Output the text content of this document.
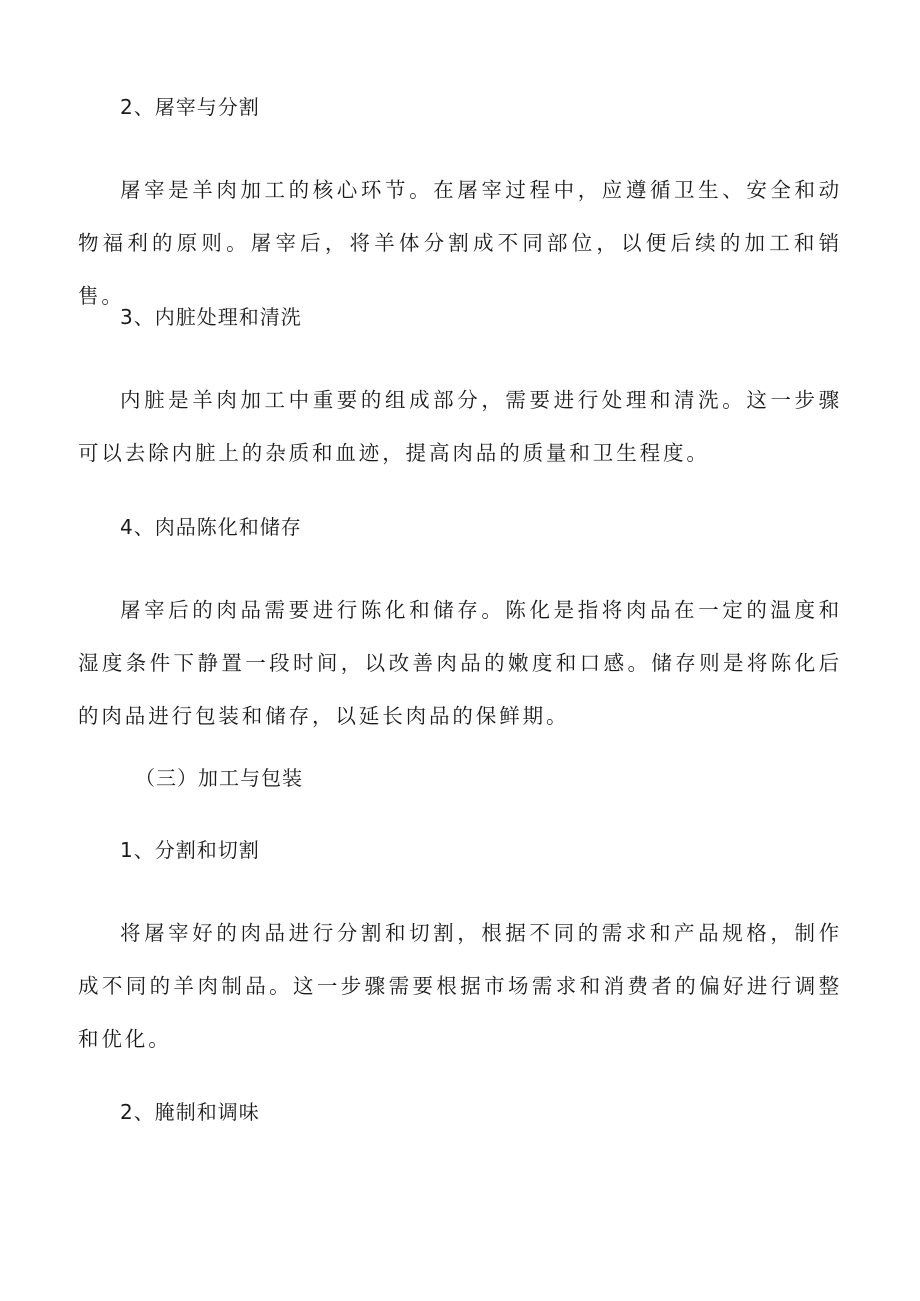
2、屠宰与分割

屠宰是羊肉加工的核心环节。在屠宰过程中，应遵循卫生、安全和动物福利的原则。屠宰后，将羊体分割成不同部位，以便后续的加工和销售。

3、内脏处理和清洗

内脏是羊肉加工中重要的组成部分，需要进行处理和清洗。这一步骤可以去除内脏上的杂质和血迹，提高肉品的质量和卫生程度。

4、肉品陈化和储存

屠宰后的肉品需要进行陈化和储存。陈化是指将肉品在一定的温度和湿度条件下静置一段时间，以改善肉品的嫩度和口感。储存则是将陈化后的肉品进行包装和储存，以延长肉品的保鲜期。

（三）加工与包装
1、分割和切割

将屠宰好的肉品进行分割和切割，根据不同的需求和产品规格，制作成不同的羊肉制品。这一步骤需要根据市场需求和消费者的偏好进行调整和优化。

2、腌制和调味
